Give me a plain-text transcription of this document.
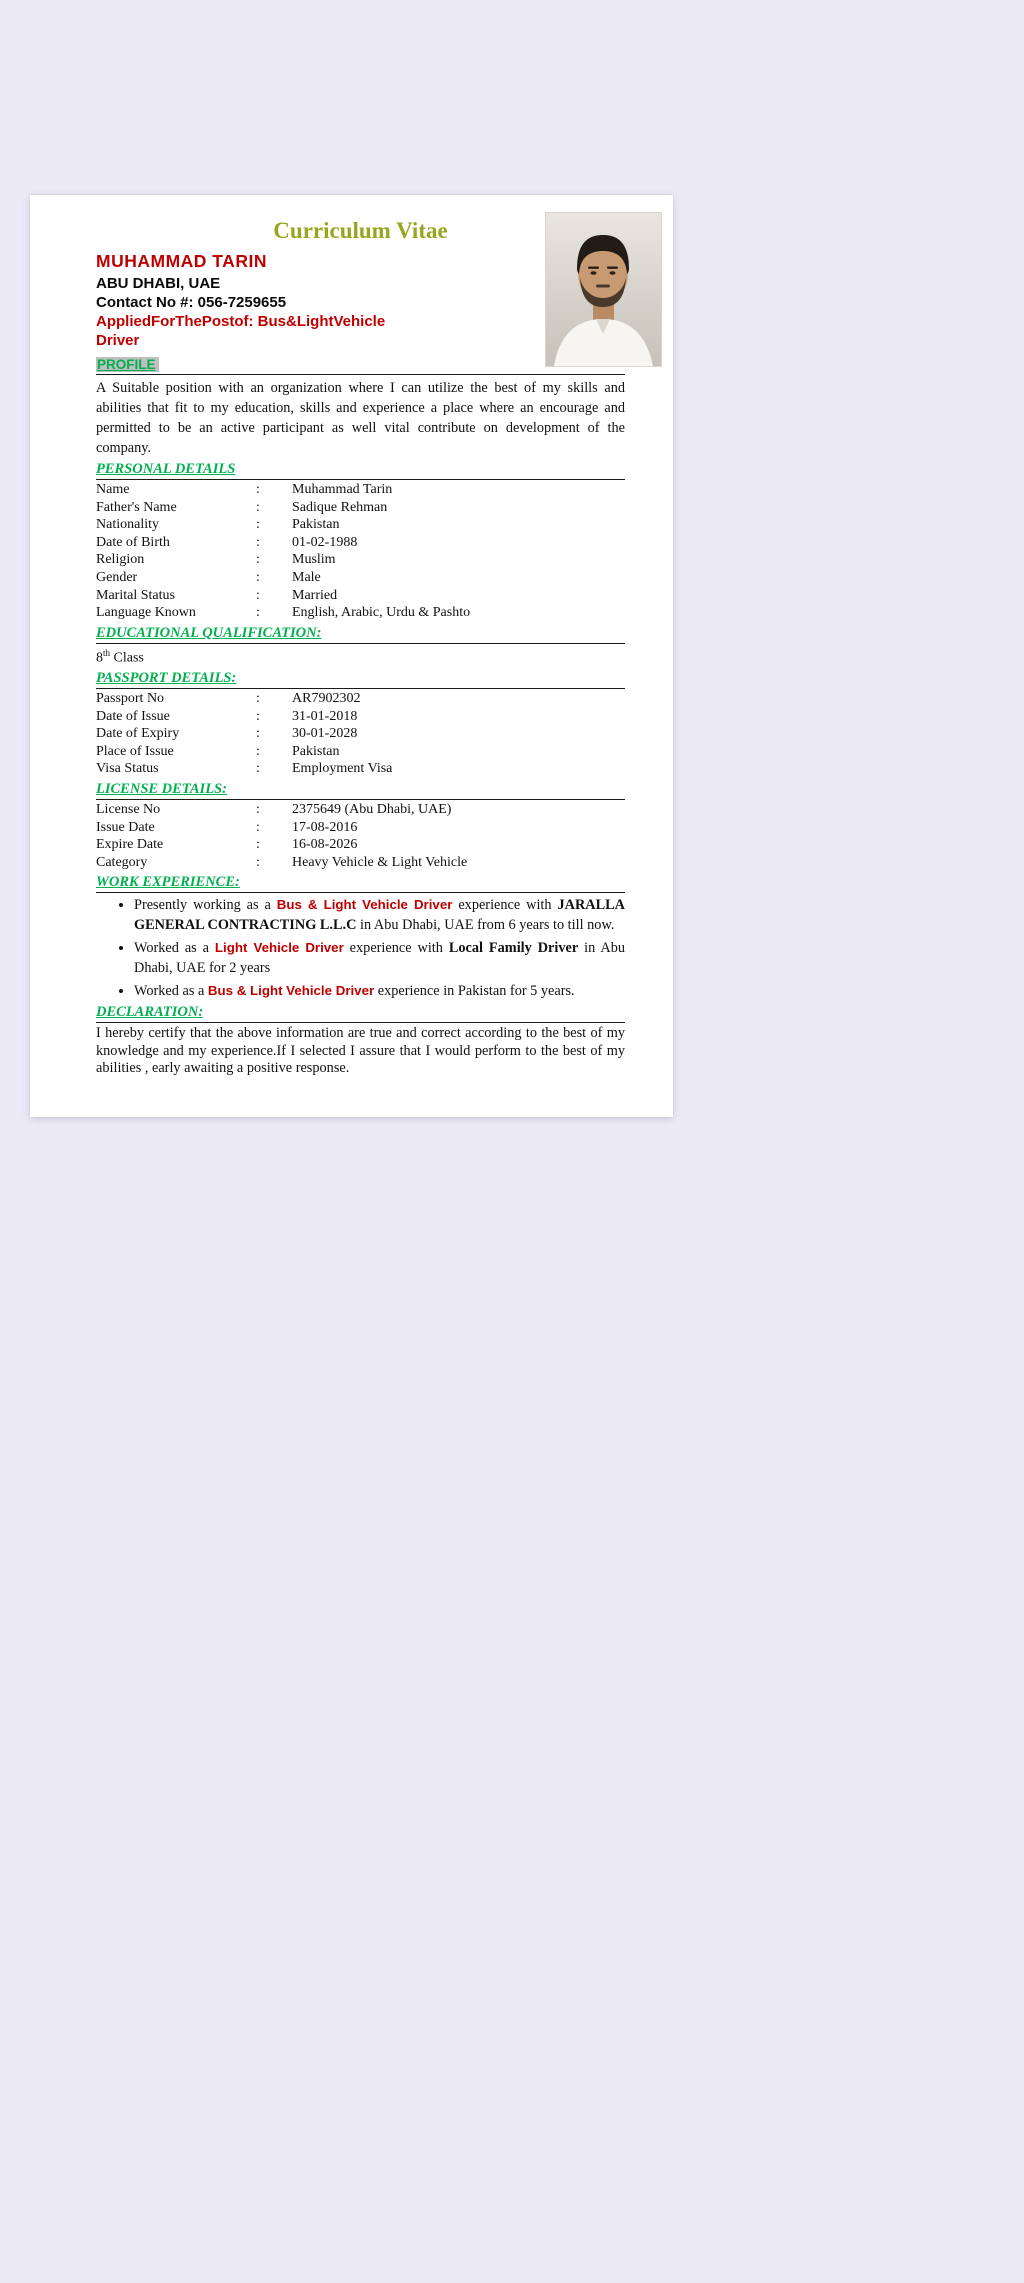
Curriculum Vitae
MUHAMMAD TARIN
ABU DHABI, UAE
Contact No #: 056-7259655
AppliedForThePostof: Bus&LightVehicle
Driver
PROFILE

A Suitable position with an organization where I can utilize the best of my skills and abilities that fit to my education, skills and experience a place where an encourage and permitted to be an active participant as well vital contribute on development of the company.

PERSONAL DETAILS
Name	:	Muhammad Tarin
Father's Name	:	Sadique Rehman
Nationality	:	Pakistan
Date of Birth	:	01-02-1988
Religion	:	Muslim
Gender	:	Male
Marital Status	:	Married
Language Known	:	English, Arabic, Urdu & Pashto
EDUCATIONAL QUALIFICATION:

8th Class

PASSPORT DETAILS:
Passport No	:	AR7902302
Date of Issue	:	31-01-2018
Date of Expiry	:	30-01-2028
Place of Issue	:	Pakistan
Visa Status	:	Employment Visa
LICENSE DETAILS:
License No	:	2375649 (Abu Dhabi, UAE)
Issue Date	:	17-08-2016
Expire Date	:	16-08-2026
Category	:	Heavy Vehicle & Light Vehicle
WORK EXPERIENCE:
• Presently working as a Bus & Light Vehicle Driver experience with JARALLA GENERAL CONTRACTING L.L.C in Abu Dhabi, UAE from 6 years to till now.
• Worked as a Light Vehicle Driver experience with Local Family Driver in Abu Dhabi, UAE for 2 years
• Worked as a Bus & Light Vehicle Driver experience in Pakistan for 5 years.
DECLARATION:

I hereby certify that the above information are true and correct according to the best of my knowledge and my experience.If I selected I assure that I would perform to the best of my abilities , early awaiting a positive response.
